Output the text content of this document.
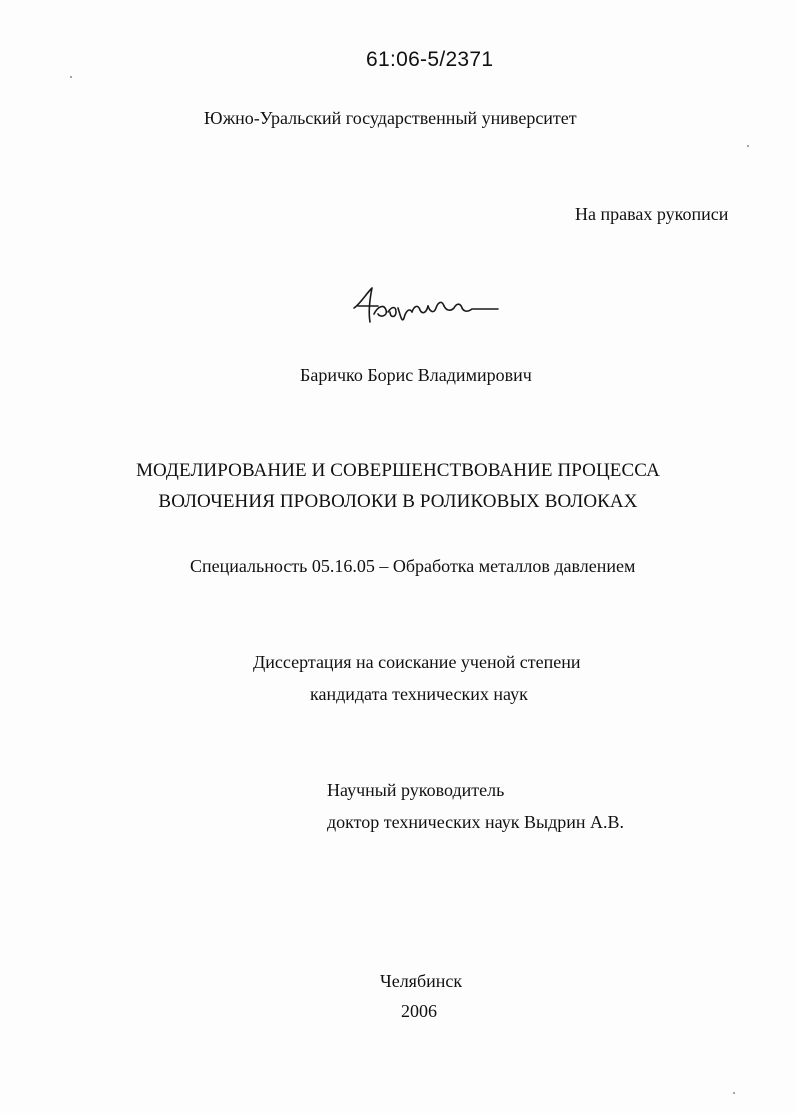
61:06-5/2371
Южно-Уральский государственный университет
На правах рукописи
Баричко Борис Владимирович
МОДЕЛИРОВАНИЕ И СОВЕРШЕНСТВОВАНИЕ ПРОЦЕССА
ВОЛОЧЕНИЯ ПРОВОЛОКИ В РОЛИКОВЫХ ВОЛОКАХ
Специальность 05.16.05 – Обработка металлов давлением
Диссертация на соискание ученой степени
кандидата технических наук
Научный руководитель
доктор технических наук Выдрин А.В.
Челябинск
2006
